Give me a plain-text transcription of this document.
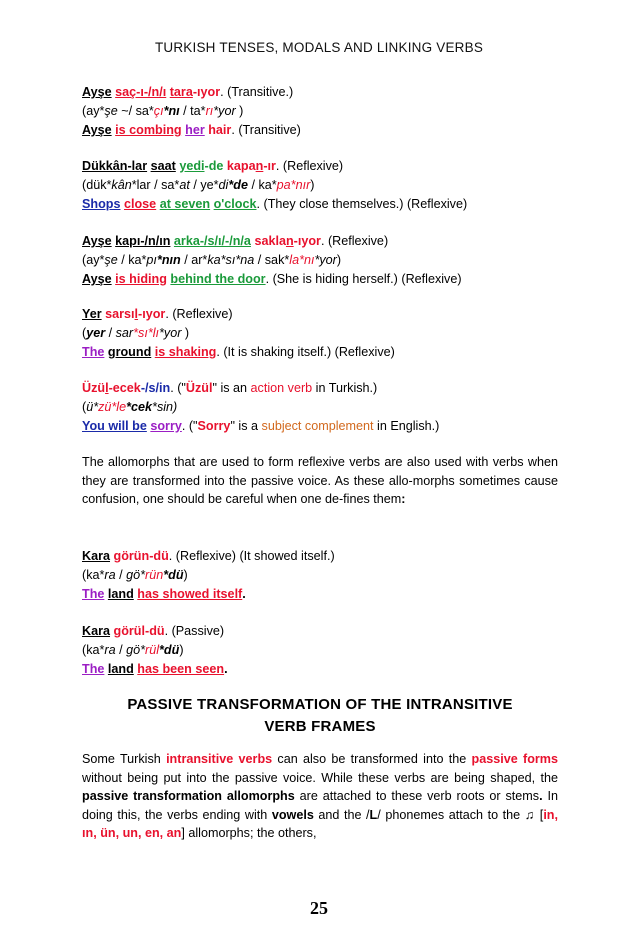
TURKISH TENSES, MODALS AND LINKING VERBS
Ayşe saç-ı-/n/ı tara-ıyor. (Transitive.)
(ay*şe ~/ sa*çı*nı / ta*rı*yor )
Ayşe is combing her hair. (Transitive)
Dükkân-lar saat yedi-de kapan-ır. (Reflexive)
(dük*kân*lar / sa*at / ye*di*de / ka*pa*nır)
Shops close at seven o'clock. (They close themselves.) (Reflexive)
Ayşe kapı-/n/ın arka-/s/ı/-/n/a saklan-ıyor. (Reflexive)
(ay*şe / ka*pı*nın / ar*ka*sı*na / sak*la*nı*yor)
Ayşe is hiding behind the door. (She is hiding herself.) (Reflexive)
Yer sarsıl-ıyor. (Reflexive)
(yer / sar*sı*lı*yor )
The ground is shaking. (It is shaking itself.) (Reflexive)
Üzül-ecek-/s/in. ("Üzül" is an action verb in Turkish.)
(ü*zü*le*cek*sin)
You will be sorry. ("Sorry" is a subject complement in English.)
Kara görün-dü. (Reflexive) (It showed itself.)
(ka*ra / gö*rün*dü)
The land has showed itself.
Kara görül-dü. (Passive)
(ka*ra / gö*rül*dü)
The land has been seen.
The allomorphs that are used to form reflexive verbs are also used with verbs when they are transformed into the passive voice. As these allo-morphs sometimes cause confusion, one should be careful when one de-fines them:
PASSIVE TRANSFORMATION OF THE INTRANSITIVE
VERB FRAMES
Some Turkish intransitive verbs can also be transformed into the passive forms without being put into the passive voice. While these verbs are being shaped, the passive transformation allomorphs are attached to these verb roots or stems. In doing this, the verbs ending with vowels and the /L/ phonemes attach to the ♫ [in, ın, ün, un, en, an] allomorphs; the others,
25
